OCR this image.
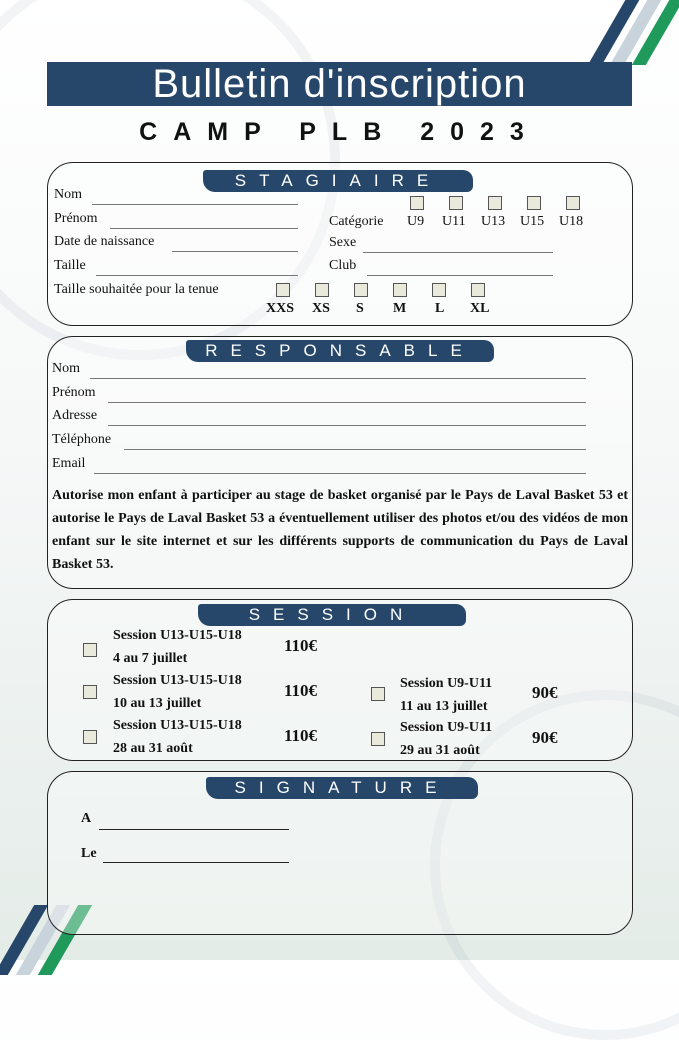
Bulletin d'inscription
CAMP PLB 2023
STAGIAIRE
Nom
Prénom
Date de naissance
Taille
Catégorie U9 U11 U13 U15 U18
Sexe
Club
Taille souhaitée pour la tenue
XXS XS S M L XL
RESPONSABLE
Nom
Prénom
Adresse
Téléphone
Email
Autorise mon enfant à participer au stage de basket organisé par le Pays de Laval Basket 53 et autorise le Pays de Laval Basket 53 a éventuellement utiliser des photos et/ou des vidéos de mon enfant sur le site internet et sur les différents supports de communication du Pays de Laval Basket 53.
SESSION
Session U13-U15-U18
4 au 7 juillet
110€
Session U13-U15-U18
10 au 13 juillet
110€
Session U13-U15-U18
28 au 31 août
110€
Session U9-U11
11 au 13 juillet
90€
Session U9-U11
29 au 31 août
90€
SIGNATURE
A
Le
